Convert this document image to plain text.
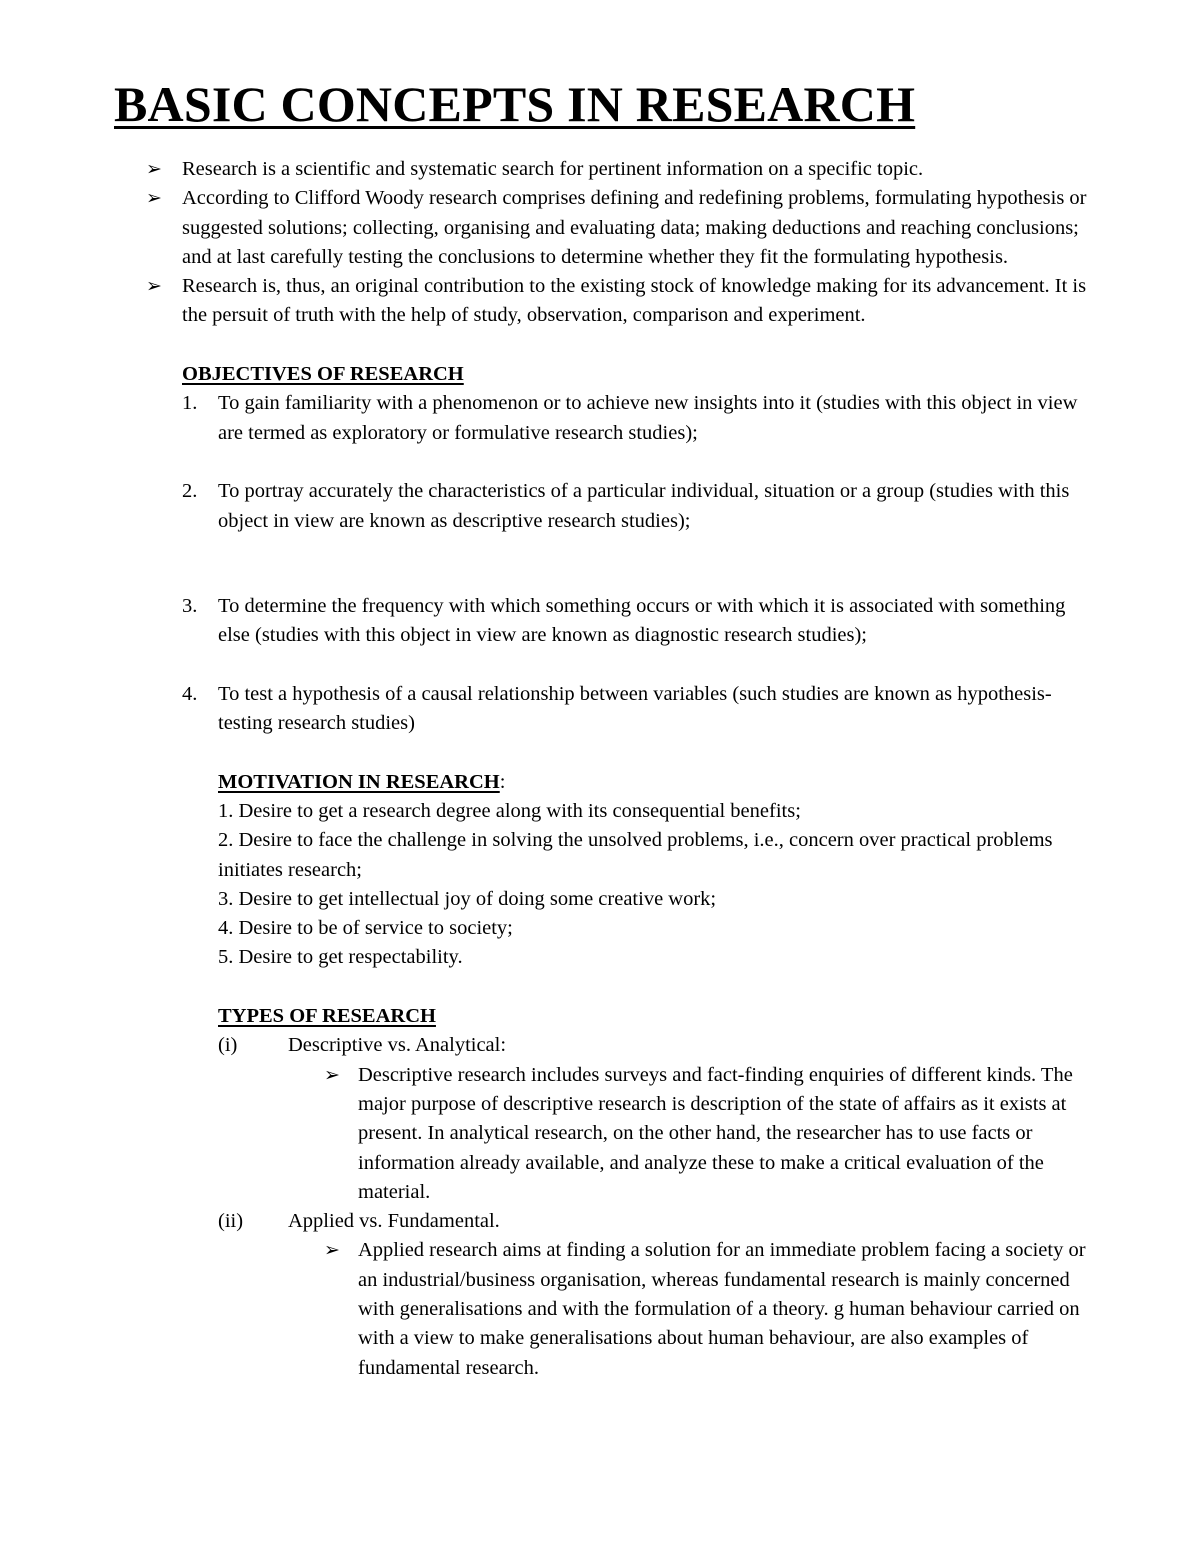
BASIC CONCEPTS IN RESEARCH
➢ Research is a scientific and systematic search for pertinent information on a specific topic.
➢ According to Clifford Woody research comprises defining and redefining problems, formulating hypothesis or suggested solutions; collecting, organising and evaluating data; making deductions and reaching conclusions; and at last carefully testing the conclusions to determine whether they fit the formulating hypothesis.
➢ Research is, thus, an original contribution to the existing stock of knowledge making for its advancement. It is the persuit of truth with the help of study, observation, comparison and experiment.
OBJECTIVES OF RESEARCH
1. To gain familiarity with a phenomenon or to achieve new insights into it (studies with this object in view are termed as exploratory or formulative research studies);
2. To portray accurately the characteristics of a particular individual, situation or a group (studies with this object in view are known as descriptive research studies);
3. To determine the frequency with which something occurs or with which it is associated with something else (studies with this object in view are known as diagnostic research studies);
4. To test a hypothesis of a causal relationship between variables (such studies are known as hypothesis-testing research studies)
MOTIVATION IN RESEARCH:
1. Desire to get a research degree along with its consequential benefits;
2. Desire to face the challenge in solving the unsolved problems, i.e., concern over practical problems initiates research;
3. Desire to get intellectual joy of doing some creative work;
4. Desire to be of service to society;
5. Desire to get respectability.
TYPES OF RESEARCH
(i) Descriptive vs. Analytical:
➢ Descriptive research includes surveys and fact-finding enquiries of different kinds. The major purpose of descriptive research is description of the state of affairs as it exists at present. In analytical research, on the other hand, the researcher has to use facts or information already available, and analyze these to make a critical evaluation of the material.
(ii) Applied vs. Fundamental.
➢ Applied research aims at finding a solution for an immediate problem facing a society or an industrial/business organisation, whereas fundamental research is mainly concerned with generalisations and with the formulation of a theory. g human behaviour carried on with a view to make generalisations about human behaviour, are also examples of fundamental research.
